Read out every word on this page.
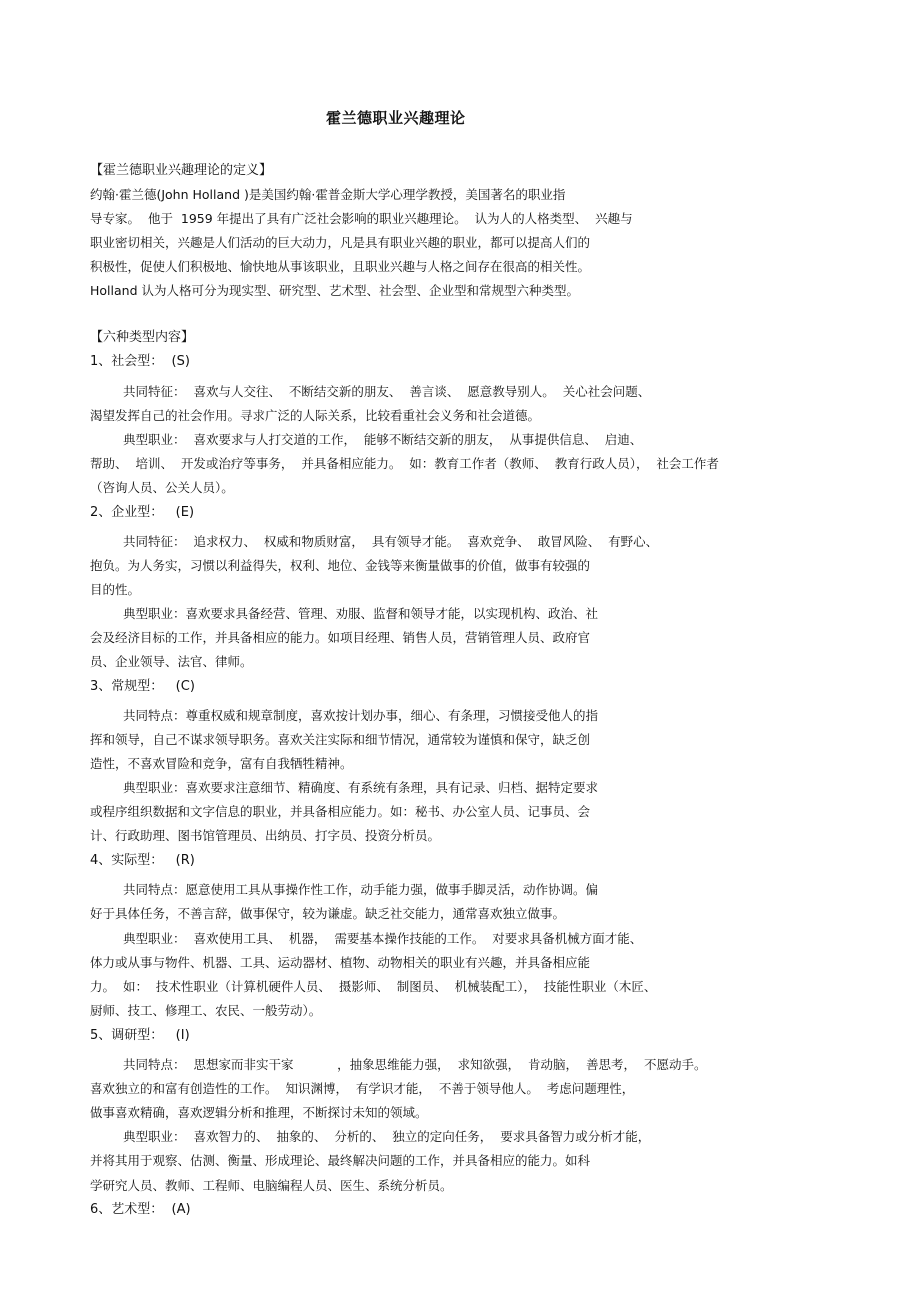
霍兰德职业兴趣理论
【霍兰德职业兴趣理论的定义】
约翰·霍兰德(John Holland )是美国约翰·霍普金斯大学心理学教授，美国著名的职业指
导专家。  他于  1959 年提出了具有广泛社会影响的职业兴趣理论。  认为人的人格类型、  兴趣与
职业密切相关，兴趣是人们活动的巨大动力，凡是具有职业兴趣的职业，都可以提高人们的
积极性，促使人们积极地、愉快地从事该职业，且职业兴趣与人格之间存在很高的相关性。
Holland 认为人格可分为现实型、研究型、艺术型、社会型、企业型和常规型六种类型。
【六种类型内容】
1、社会型：  (S)
共同特征：  喜欢与人交往、  不断结交新的朋友、  善言谈、  愿意教导别人。  关心社会问题、
渴望发挥自己的社会作用。寻求广泛的人际关系，比较看重社会义务和社会道德。
典型职业：  喜欢要求与人打交道的工作，  能够不断结交新的朋友，  从事提供信息、  启迪、
帮助、  培训、  开发或治疗等事务，  并具备相应能力。  如：教育工作者（教师、  教育行政人员），  社会工作者
（咨询人员、公关人员）。
2、企业型：   (E)
共同特征：  追求权力、  权威和物质财富，  具有领导才能。  喜欢竞争、  敢冒风险、  有野心、
抱负。为人务实，习惯以利益得失，权利、地位、金钱等来衡量做事的价值，做事有较强的
目的性。
典型职业：喜欢要求具备经营、管理、劝服、监督和领导才能，以实现机构、政治、社
会及经济目标的工作，并具备相应的能力。如项目经理、销售人员，营销管理人员、政府官
员、企业领导、法官、律师。
3、常规型：   (C)
共同特点：尊重权威和规章制度，喜欢按计划办事，细心、有条理，习惯接受他人的指
挥和领导，自己不谋求领导职务。喜欢关注实际和细节情况，通常较为谨慎和保守，缺乏创
造性，不喜欢冒险和竞争，富有自我牺牲精神。
典型职业：喜欢要求注意细节、精确度、有系统有条理，具有记录、归档、据特定要求
或程序组织数据和文字信息的职业，并具备相应能力。如：秘书、办公室人员、记事员、会
计、行政助理、图书馆管理员、出纳员、打字员、投资分析员。
4、实际型：   (R)
共同特点：愿意使用工具从事操作性工作，动手能力强，做事手脚灵活，动作协调。偏
好于具体任务，不善言辞，做事保守，较为谦虚。缺乏社交能力，通常喜欢独立做事。
典型职业：  喜欢使用工具、  机器，  需要基本操作技能的工作。  对要求具备机械方面才能、
体力或从事与物件、机器、工具、运动器材、植物、动物相关的职业有兴趣，并具备相应能
力。  如：  技术性职业（计算机硬件人员、  摄影师、  制图员、  机械装配工），  技能性职业（木匠、
厨师、技工、修理工、农民、一般劳动）。
5、调研型：   (I)
共同特点：  思想家而非实干家           ，抽象思维能力强，  求知欲强，  肯动脑，  善思考，  不愿动手。
喜欢独立的和富有创造性的工作。  知识渊博，  有学识才能，  不善于领导他人。  考虑问题理性，
做事喜欢精确，喜欢逻辑分析和推理，不断探讨未知的领域。
典型职业：  喜欢智力的、  抽象的、  分析的、  独立的定向任务，  要求具备智力或分析才能，
并将其用于观察、估测、衡量、形成理论、最终解决问题的工作，并具备相应的能力。如科
学研究人员、教师、工程师、电脑编程人员、医生、系统分析员。
6、艺术型：  (A)
